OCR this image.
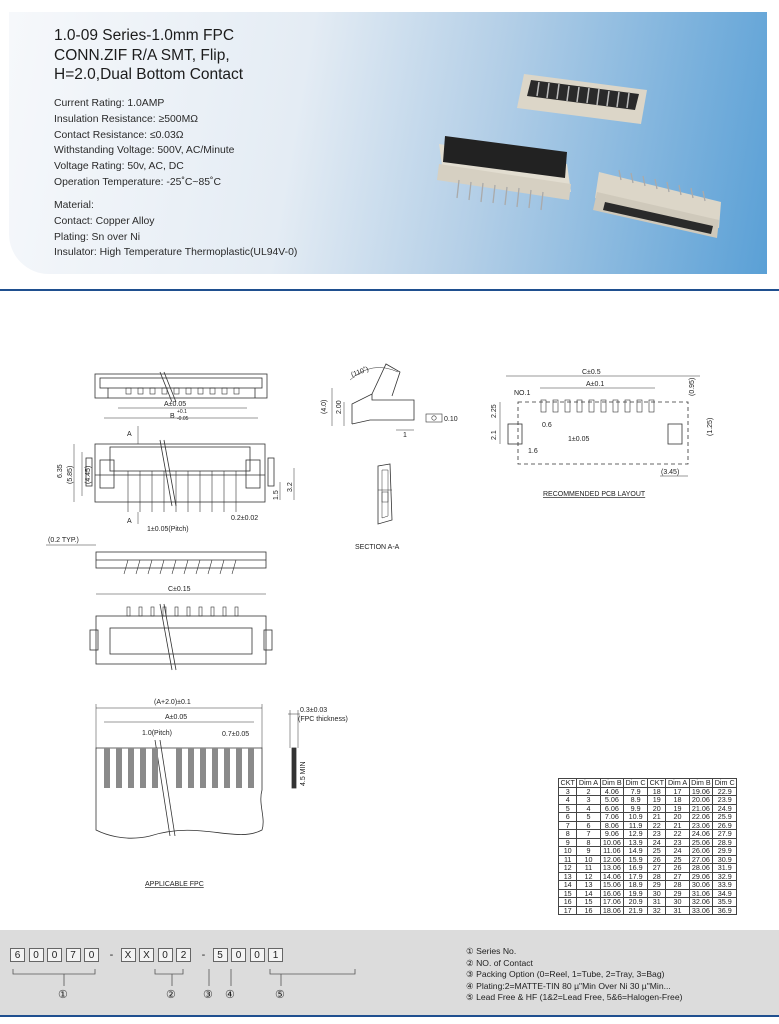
1.0-09 Series-1.0mm FPC
CONN.ZIF R/A SMT, Flip,
H=2.0,Dual Bottom Contact
Current Rating: 1.0AMP
Insulation Resistance: ≥500MΩ
Contact Resistance: ≤0.03Ω
Withstanding Voltage: 500V, AC/Minute
Voltage Rating: 50v, AC, DC
Operation Temperature: -25˚C~85˚C
Material:
Contact: Copper Alloy
Plating: Sn over Ni
Insulator: High Temperature Thermoplastic(UL94V-0)
A±0.05
B
+0.1
-0.05
A
A
6.35 (5.85) (4.45)
1.5
3.2
1±0.05(Pitch)
0.2±0.02
(0.2 TYP.)
C±0.15
(110˚)
(4.0) 2.00
0.10
1
SECTION A-A
C±0.5
A±0.1
NO.1	(0.95)
2.25
2.1
0.6
1±0.05
(1.25)
1.6
(3.45)
RECOMMENDED PCB LAYOUT
(A+2.0)±0.1
A±0.05
1.0(Pitch)	0.7±0.05
0.3±0.03
(FPC thickness)
4.5 MIN
APPLICABLE FPC
CKT	Dim A	Dim B	Dim C	CKT	Dim A	Dim B	Dim C
3	2	4.06	7.9	18	17	19.06	22.9
4	3	5.06	8.9	19	18	20.06	23.9
5	4	6.06	9.9	20	19	21.06	24.9
6	5	7.06	10.9	21	20	22.06	25.9
7	6	8.06	11.9	22	21	23.06	26.9
8	7	9.06	12.9	23	22	24.06	27.9
9	8	10.06	13.9	24	23	25.06	28.9
10	9	11.06	14.9	25	24	26.06	29.9
11	10	12.06	15.9	26	25	27.06	30.9
12	11	13.06	16.9	27	26	28.06	31.9
13	12	14.06	17.9	28	27	29.06	32.9
14	13	15.06	18.9	29	28	30.06	33.9
15	14	16.06	19.9	30	29	31.06	34.9
16	15	17.06	20.9	31	30	32.06	35.9
17	16	18.06	21.9	32	31	33.06	36.9
6	0	0	7	0	-	X	X	0	2	-	5	0	0	1
①	② ③ ④	⑤
① Series No.
② NO. of Contact
③ Packing Option (0=Reel, 1=Tube, 2=Tray, 3=Bag)
④ Plating:2=MATTE-TIN 80 µ"Min Over Ni 30 µ"Min...
⑤ Lead Free & HF (1&2=Lead Free, 5&6=Halogen-Free)
